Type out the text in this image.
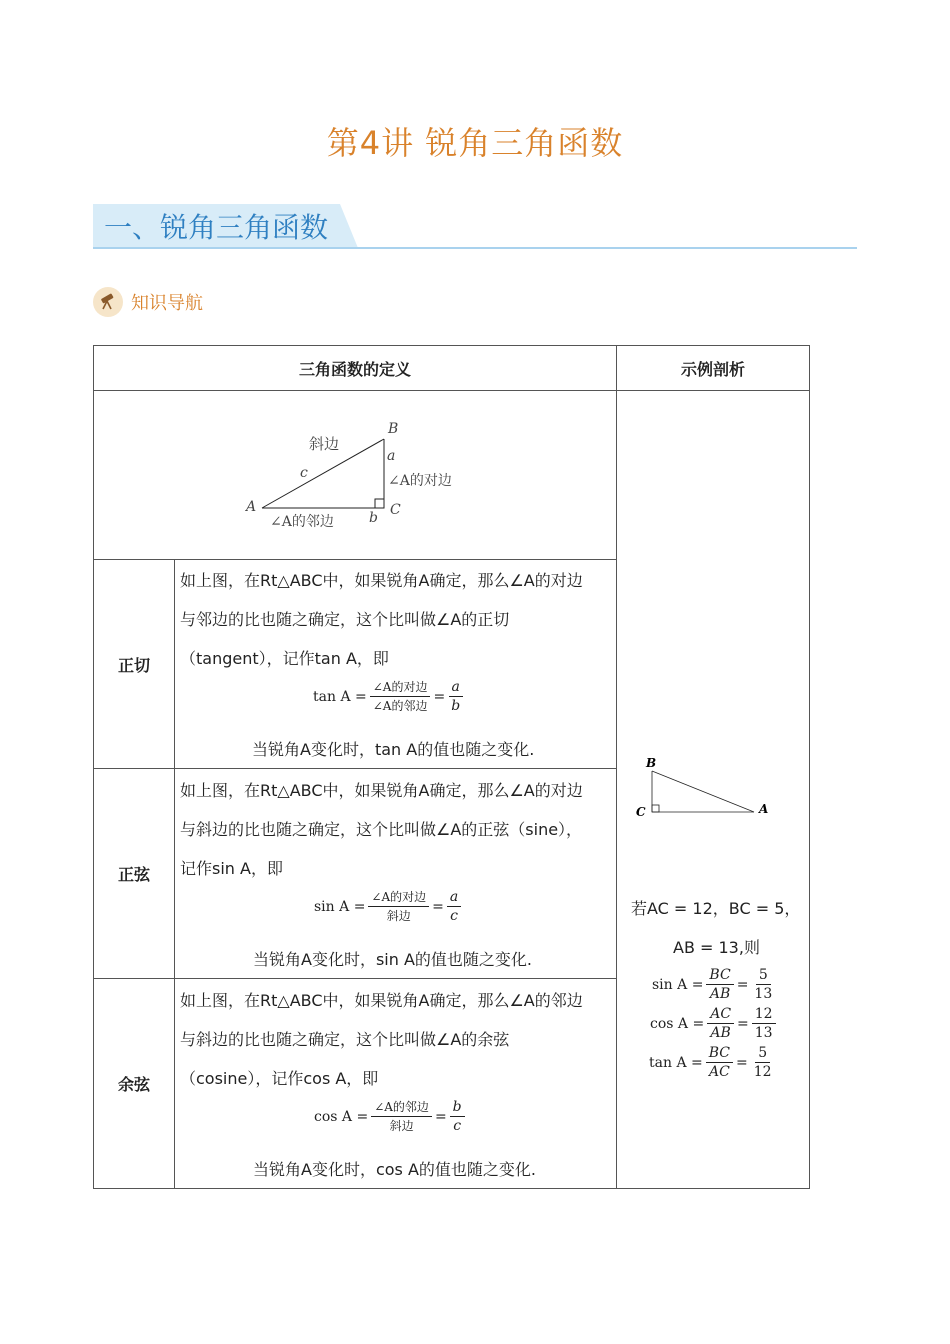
第4讲 锐角三角函数
一、锐角三角函数
知识导航
三角函数的定义	示例剖析
斜边
c
B
a
∠A的对边
A	C
∠A的邻边	b
B
C	A
若AC = 12，BC = 5，
AB = 13,则
$\sin A = \frac{BC}{AB} = \frac{5}{13}$
$\cos A = \frac{AC}{AB} = \frac{12}{13}$
$\tan A = \frac{BC}{AC} = \frac{5}{12}$
正切
如上图，在Rt△ABC中，如果锐角A确定，那么∠A的对边
与邻边的比也随之确定，这个比叫做∠A的正切
（tangent），记作tan A，即
$\tan A = \frac{\text{∠A的对边}}{\text{∠A的邻边}} = \frac{a}{b}$
当锐角A变化时，tan A的值也随之变化.
正弦
如上图，在Rt△ABC中，如果锐角A确定，那么∠A的对边
与斜边的比也随之确定，这个比叫做∠A的正弦（sine），
记作sin A，即
$\sin A = \frac{\text{∠A的对边}}{\text{斜边}} = \frac{a}{c}$
当锐角A变化时，sin A的值也随之变化.
余弦
如上图，在Rt△ABC中，如果锐角A确定，那么∠A的邻边
与斜边的比也随之确定，这个比叫做∠A的余弦
（cosine），记作cos A，即
$\cos A = \frac{\text{∠A的邻边}}{\text{斜边}} = \frac{b}{c}$
当锐角A变化时，cos A的值也随之变化.
